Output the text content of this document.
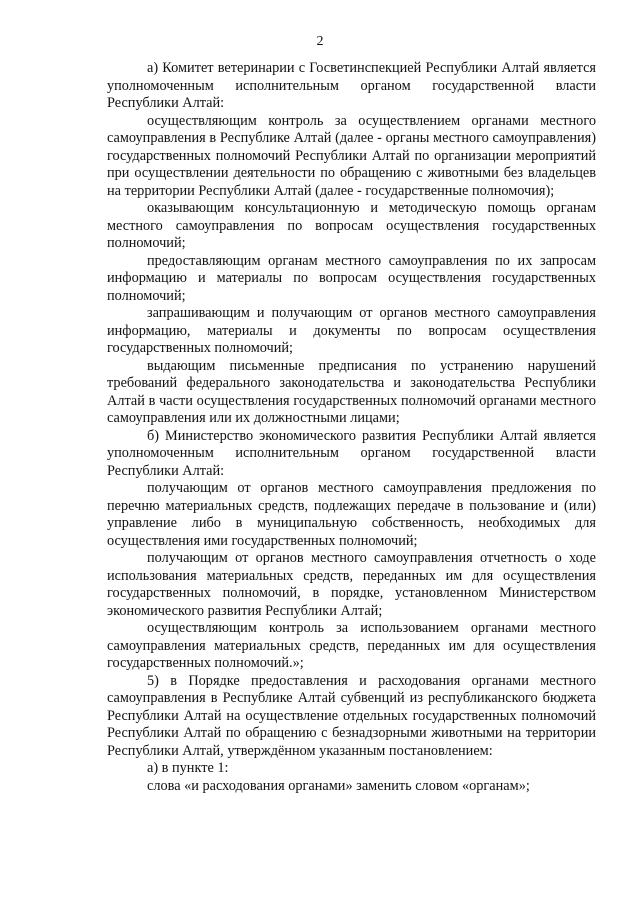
2

а) Комитет ветеринарии с Госветинспекцией Республики Алтай является уполномоченным исполнительным органом государственной власти Республики Алтай:

осуществляющим контроль за осуществлением органами местного самоуправления в Республике Алтай (далее - органы местного самоуправления) государственных полномочий Республики Алтай по организации мероприятий при осуществлении деятельности по обращению с животными без владельцев на территории Республики Алтай (далее - государственные полномочия);

оказывающим консультационную и методическую помощь органам местного самоуправления по вопросам осуществления государственных полномочий;

предоставляющим органам местного самоуправления по их запросам информацию и материалы по вопросам осуществления государственных полномочий;

запрашивающим и получающим от органов местного самоуправления информацию, материалы и документы по вопросам осуществления государственных полномочий;

выдающим письменные предписания по устранению нарушений требований федерального законодательства и законодательства Республики Алтай в части осуществления государственных полномочий органами местного самоуправления или их должностными лицами;

б) Министерство экономического развития Республики Алтай является уполномоченным исполнительным органом государственной власти Республики Алтай:

получающим от органов местного самоуправления предложения по перечню материальных средств, подлежащих передаче в пользование и (или) управление либо в муниципальную собственность, необходимых для осуществления ими государственных полномочий;

получающим от органов местного самоуправления отчетность о ходе использования материальных средств, переданных им для осуществления государственных полномочий, в порядке, установленном Министерством экономического развития Республики Алтай;

осуществляющим контроль за использованием органами местного самоуправления материальных средств, переданных им для осуществления государственных полномочий.»;

5) в Порядке предоставления и расходования органами местного самоуправления в Республике Алтай субвенций из республиканского бюджета Республики Алтай на осуществление отдельных государственных полномочий Республики Алтай по обращению с безнадзорными животными на территории Республики Алтай, утверждённом указанным постановлением:

а) в пункте 1:

слова «и расходования органами» заменить словом «органам»;
